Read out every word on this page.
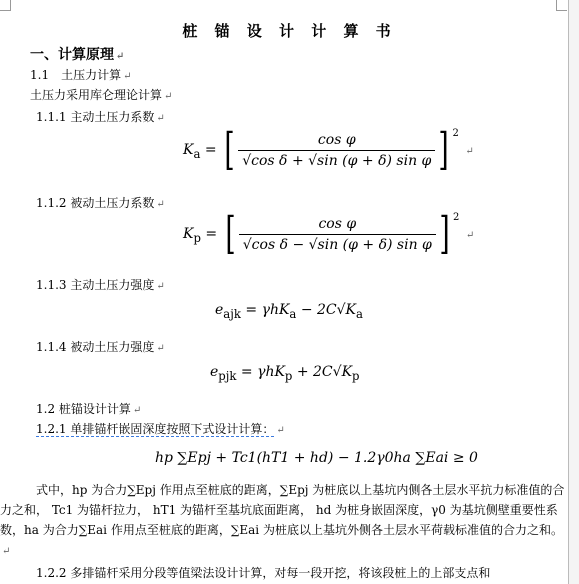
桩 锚 设 计 计 算 书
一、计算原理 ↵
1.1　土压力计算 ↵
土压力采用库仑理论计算 ↵
1.1.1 主动土压力系数 ↵
$K_a$ = [ $\frac{\text{cos φ}}{\text{√cos δ + √sin (φ + δ) sin φ}}$ ] $^2$ ↵
1.1.2 被动土压力系数 ↵
$K_p$ = [ $\frac{\text{cos φ}}{\text{√cos δ − √sin (φ + δ) sin φ}}$ ] $^2$ ↵
1.1.3 主动土压力强度 ↵
$e_{ajk} = \gamma hK_a - 2C√K_a$
1.1.4 被动土压力强度 ↵
$e_{pjk} = \gamma hK_p + 2C√K_p$
1.2 桩锚设计计算 ↵
1.2.1 单排锚杆嵌固深度按照下式设计计算： ↵
hp ∑Epj + Tc1(hT1 + hd) − 1.2γ0ha ∑Eai ≥ 0
式中，hp 为合力∑Epj 作用点至桩底的距离，∑Epj 为桩底以上基坑内侧各土层水平抗力标准值的合力之和， Tc1 为锚杆拉力， hT1 为锚杆至基坑底面距离， hd 为桩身嵌固深度，γ0 为基坑侧壁重要性系数，ha 为合力∑Eai 作用点至桩底的距离，∑Eai 为桩底以上基坑外侧各土层水平荷载标准值的合力之和。↵
1.2.2 多排锚杆采用分段等值梁法设计计算，对每一段开挖，将该段桩上的上部支点和
